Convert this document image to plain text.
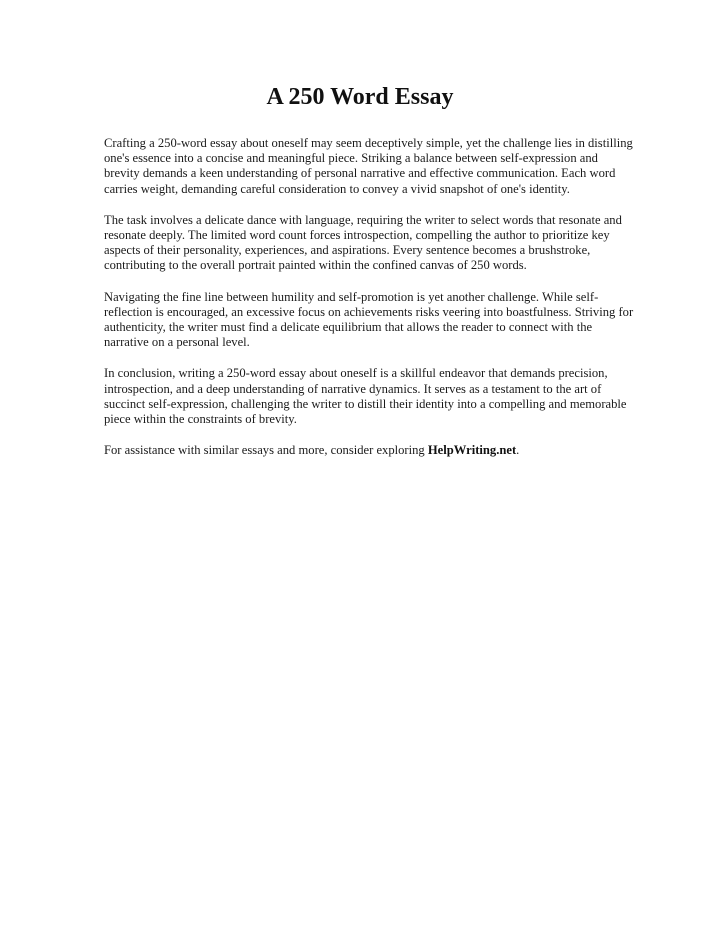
A 250 Word Essay

Crafting a 250-word essay about oneself may seem deceptively simple, yet the challenge lies in distilling one's essence into a concise and meaningful piece. Striking a balance between self-expression and brevity demands a keen understanding of personal narrative and effective communication. Each word carries weight, demanding careful consideration to convey a vivid snapshot of one's identity.

The task involves a delicate dance with language, requiring the writer to select words that resonate and resonate deeply. The limited word count forces introspection, compelling the author to prioritize key aspects of their personality, experiences, and aspirations. Every sentence becomes a brushstroke, contributing to the overall portrait painted within the confined canvas of 250 words.

Navigating the fine line between humility and self-promotion is yet another challenge. While self-reflection is encouraged, an excessive focus on achievements risks veering into boastfulness. Striving for authenticity, the writer must find a delicate equilibrium that allows the reader to connect with the narrative on a personal level.

In conclusion, writing a 250-word essay about oneself is a skillful endeavor that demands precision, introspection, and a deep understanding of narrative dynamics. It serves as a testament to the art of succinct self-expression, challenging the writer to distill their identity into a compelling and memorable piece within the constraints of brevity.

For assistance with similar essays and more, consider exploring HelpWriting.net.
